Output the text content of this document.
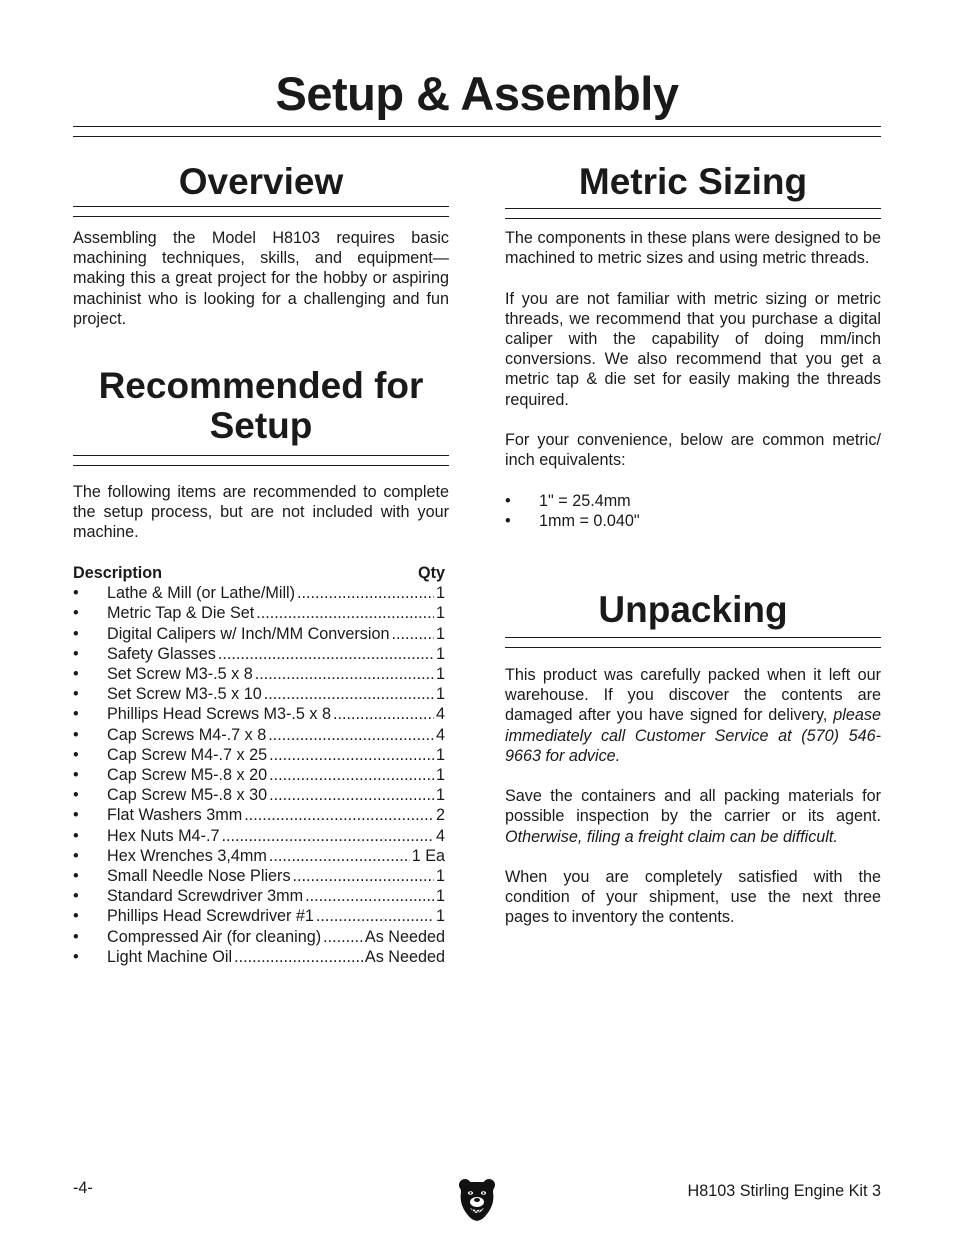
Setup & Assembly
Overview

Assembling the Model H8103 requires basic machining techniques, skills, and equipment—making this a great project for the hobby or aspiring machinist who is looking for a challenging and fun project.

Recommended for
Setup

The following items are recommended to complete the setup process, but are not included with your machine.

Description	Qty
•	Lathe & Mill (or Lathe/Mill) .....	1
•	Metric Tap & Die Set .....	1
•	Digital Calipers w/ Inch/MM Conversion .....	1
•	Safety Glasses .....	1
•	Set Screw M3-.5 x 8 .....	1
•	Set Screw M3-.5 x 10 .....	1
•	Phillips Head Screws M3-.5 x 8 .....	4
•	Cap Screws M4-.7 x 8 .....	4
•	Cap Screw M4-.7 x 25 .....	1
•	Cap Screw M5-.8 x 20 .....	1
•	Cap Screw M5-.8 x 30 .....	1
•	Flat Washers 3mm .....	2
•	Hex Nuts M4-.7 .....	4
•	Hex Wrenches 3,4mm .....	1 Ea
•	Small Needle Nose Pliers .....	1
•	Standard Screwdriver 3mm .....	1
•	Phillips Head Screwdriver #1 .....	1
•	Compressed Air (for cleaning) .....	As Needed
•	Light Machine Oil .....	As Needed
Metric Sizing

The components in these plans were designed to be machined to metric sizes and using metric threads.

If you are not familiar with metric sizing or metric threads, we recommend that you purchase a digital caliper with the capability of doing mm/inch conversions. We also recommend that you get a metric tap & die set for easily making the threads required.

For your convenience, below are common metric/ inch equivalents:

• 1" = 25.4mm
• 1mm = 0.040"
Unpacking

This product was carefully packed when it left our warehouse. If you discover the contents are damaged after you have signed for delivery, please immediately call Customer Service at (570) 546-9663 for advice.

Save the containers and all packing materials for possible inspection by the carrier or its agent. Otherwise, filing a freight claim can be difficult.

When you are completely satisfied with the condition of your shipment, use the next three pages to inventory the contents.

-4-	H8103 Stirling Engine Kit 3
